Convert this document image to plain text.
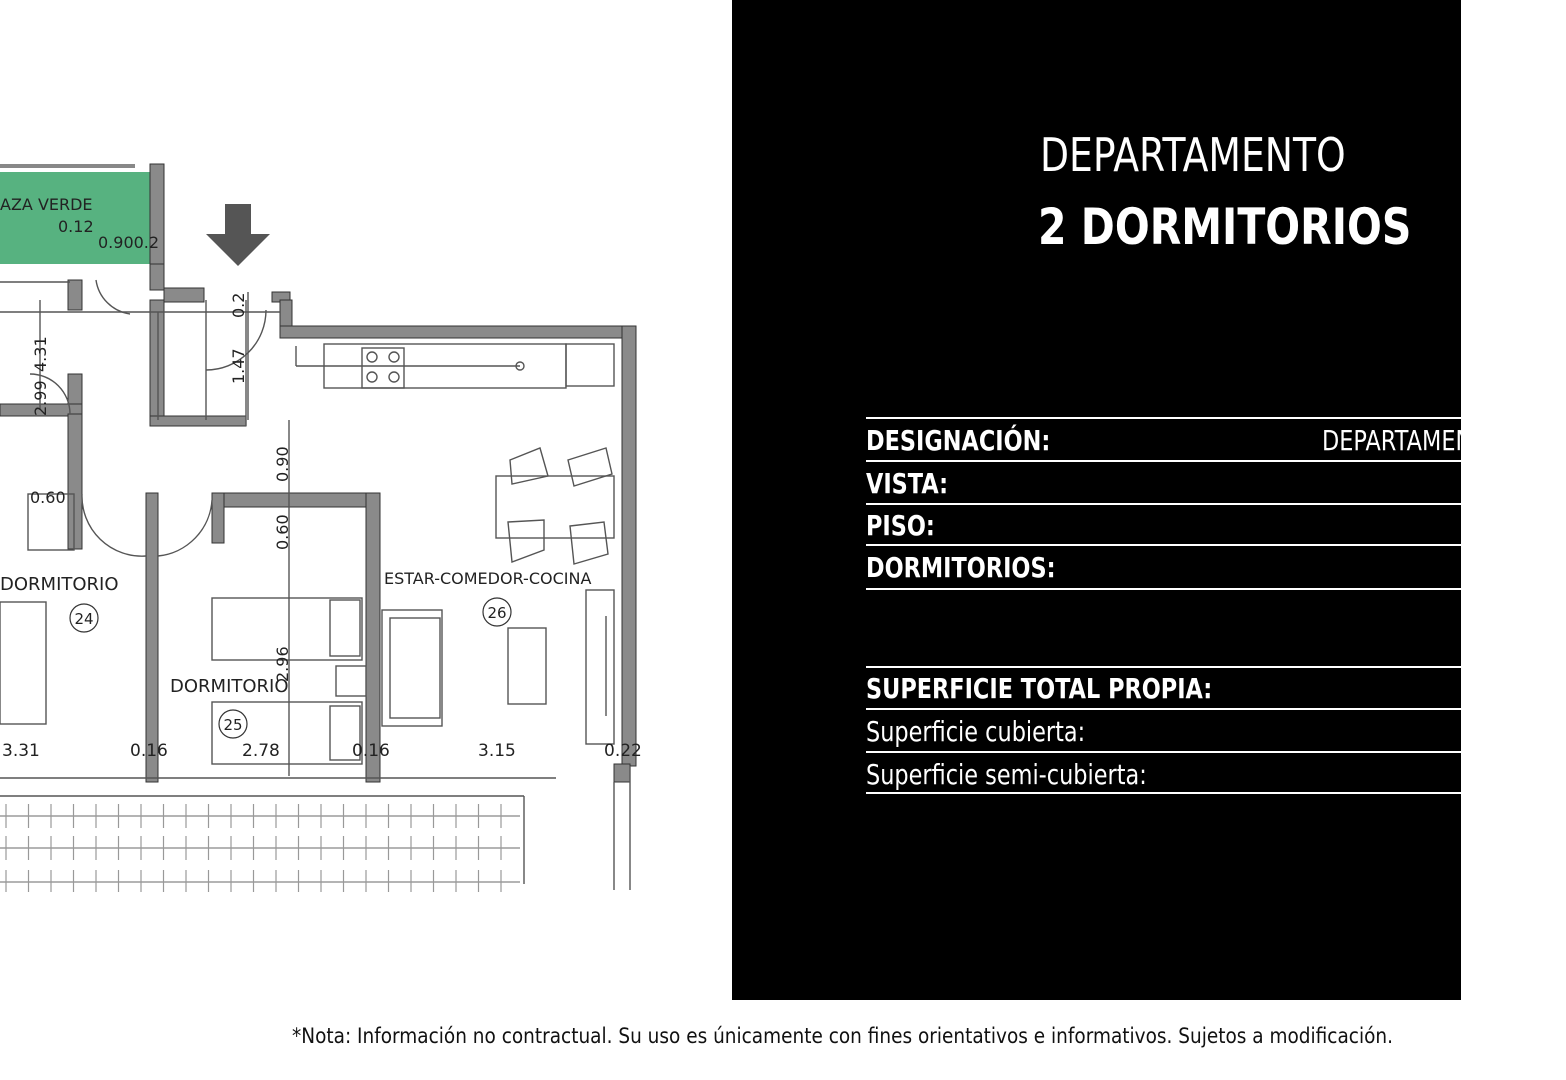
AZA VERDE
0.12
0.900.2
0.2
1.47
4.31
2.99
0.60
0.90
0.60
2.96
DORMITORIO
24
DORMITORIO
25
ESTAR-COMEDOR-COCINA
26
3.31	0.16	2.78	0.16	3.15	0.22
DEPARTAMENTO
2 DORMITORIOS
DESIGNACIÓN:	DEPARTAMENTO
VISTA:
PISO:
DORMITORIOS:
SUPERFICIE TOTAL PROPIA:
Superficie cubierta:
Superficie semi-cubierta:
*Nota: Información no contractual. Su uso es únicamente con fines orientativos e informativos. Sujetos a modificación.
